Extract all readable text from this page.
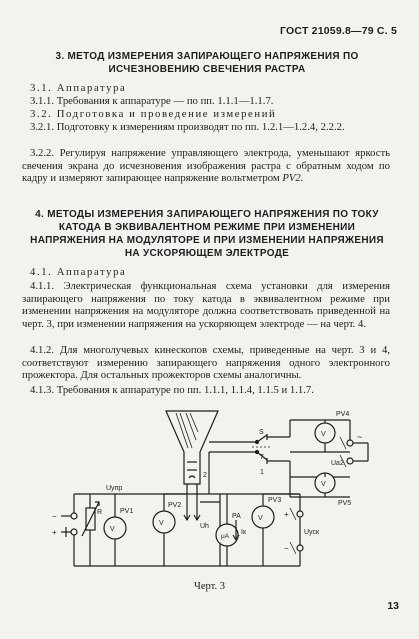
ГОСТ 21059.8—79 С. 5
3. МЕТОД ИЗМЕРЕНИЯ ЗАПИРАЮЩЕГО НАПРЯЖЕНИЯ ПО ИСЧЕЗНОВЕНИЮ СВЕЧЕНИЯ РАСТРА
3.1. Аппаратура
3.1.1. Требования к аппаратуре — по пп. 1.1.1—1.1.7.
3.2. Подготовка и проведение измерений
3.2.1. Подготовку к измерениям производят по пп. 1.2.1—1.2.4, 2.2.2.
3.2.2. Регулируя напряжение управляющего электрода, уменьшают яркость свечения экрана до исчезновения изображения растра с обратным ходом по кадру и измеряют запирающее напряжение вольтметром PV2.
4. МЕТОДЫ ИЗМЕРЕНИЯ ЗАПИРАЮЩЕГО НАПРЯЖЕНИЯ ПО ТОКУ КАТОДА В ЭКВИВАЛЕНТНОМ РЕЖИМЕ ПРИ ИЗМЕНЕНИИ НАПРЯЖЕНИЯ НА МОДУЛЯТОРЕ И ПРИ ИЗМЕНЕНИИ НАПРЯЖЕНИЯ НА УСКОРЯЮЩЕМ ЭЛЕКТРОДЕ
4.1. Аппаратура
4.1.1. Электрическая функциональная схема установки для измерения запирающего напряжения по току катода в эквивалентном режиме при изменении напряжения на модуляторе должна соответствовать приведенной на черт. 3, при изменении напряжения на ускоряющем электроде — на черт. 4.
4.1.2. Для многолучевых кинескопов схемы, приведенные на черт. 3 и 4, соответствуют измерению запирающего напряжения одного электронного прожектора. Для остальных прожекторов схемы аналогичны.
4.1.3. Требования к аппаратуре по пп. 1.1.1, 1.1.4, 1.1.5 и 1.1.7.
V
PV1
V
PV2
μA
PA V
PV3
V
PV4
V
PV5
R
Uупр
Uh
Ua2
Uуск
Iк
S
7
1
2
−
+
+
−
~
Черт. 3
13
